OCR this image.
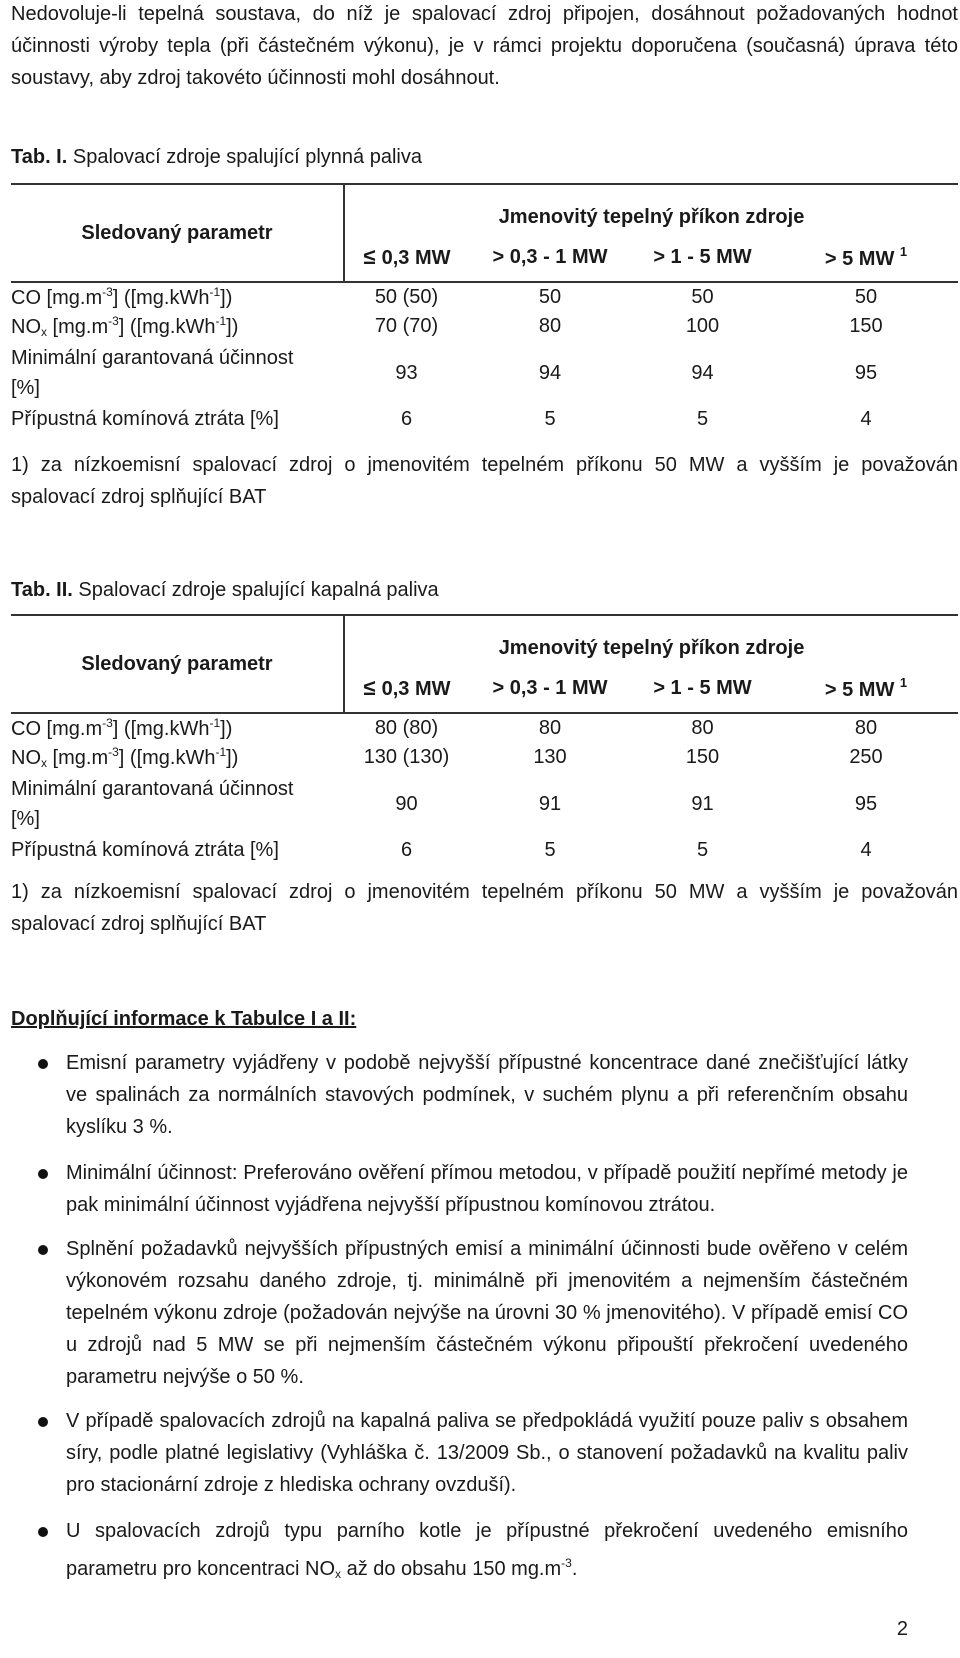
Nedovoluje-li tepelná soustava, do níž je spalovací zdroj připojen, dosáhnout požadovaných hodnot účinnosti výroby tepla (při částečném výkonu), je v rámci projektu doporučena (současná) úprava této soustavy, aby zdroj takovéto účinnosti mohl dosáhnout.
Tab. I. Spalovací zdroje spalující plynná paliva
Sledovaný parametr	Jmenovitý tepelný příkon zdroje			
	≤ 0,3 MW	> 0,3 - 1 MW	> 1 - 5 MW	> 5 MW $^1$
CO $[mg.m^{-3}]$ ([mg.kWh$^{-1}$])	50 (50)	50	50	50
$NO_x$ $[mg.m^{-3}]$ ([mg.kWh$^{-1}$])	70 (70)	80	100	150
Minimální garantovaná účinnost
[%]	93	94	94	95
Přípustná komínová ztráta [%]	6	5	5	4
1) za nízkoemisní spalovací zdroj o jmenovitém tepelném příkonu 50 MW a vyšším je považován spalovací zdroj splňující BAT
Tab. II. Spalovací zdroje spalující kapalná paliva
Sledovaný parametr	Jmenovitý tepelný příkon zdroje			
	≤ 0,3 MW	> 0,3 - 1 MW	> 1 - 5 MW	> 5 MW $^1$
CO $[mg.m^{-3}]$ ([mg.kWh$^{-1}$])	80 (80)	80	80	80
$NO_x$ $[mg.m^{-3}]$ ([mg.kWh$^{-1}$])	130 (130)	130	150	250
Minimální garantovaná účinnost
[%]	90	91	91	95
Přípustná komínová ztráta [%]	6	5	5	4
1) za nízkoemisní spalovací zdroj o jmenovitém tepelném příkonu 50 MW a vyšším je považován spalovací zdroj splňující BAT
Doplňující informace k Tabulce I a II:
Emisní parametry vyjádřeny v podobě nejvyšší přípustné koncentrace dané znečišťující látky ve spalinách za normálních stavových podmínek, v suchém plynu a při referenčním obsahu kyslíku 3 %.
Minimální účinnost: Preferováno ověření přímou metodou, v případě použití nepřímé metody je pak minimální účinnost vyjádřena nejvyšší přípustnou komínovou ztrátou.
Splnění požadavků nejvyšších přípustných emisí a minimální účinnosti bude ověřeno v celém výkonovém rozsahu daného zdroje, tj. minimálně při jmenovitém a nejmenším částečném tepelném výkonu zdroje (požadován nejvýše na úrovni 30 % jmenovitého). V případě emisí CO u zdrojů nad 5 MW se při nejmenším částečném výkonu připouští překročení uvedeného parametru nejvýše o 50 %.
V případě spalovacích zdrojů na kapalná paliva se předpokládá využití pouze paliv s obsahem síry, podle platné legislativy (Vyhláška č. 13/2009 Sb., o stanovení požadavků na kvalitu paliv pro stacionární zdroje z hlediska ochrany ovzduší).
U spalovacích zdrojů typu parního kotle je přípustné překročení uvedeného emisního parametru pro koncentraci $NO_x$ až do obsahu 150 $mg.m^{-3}$.
2
